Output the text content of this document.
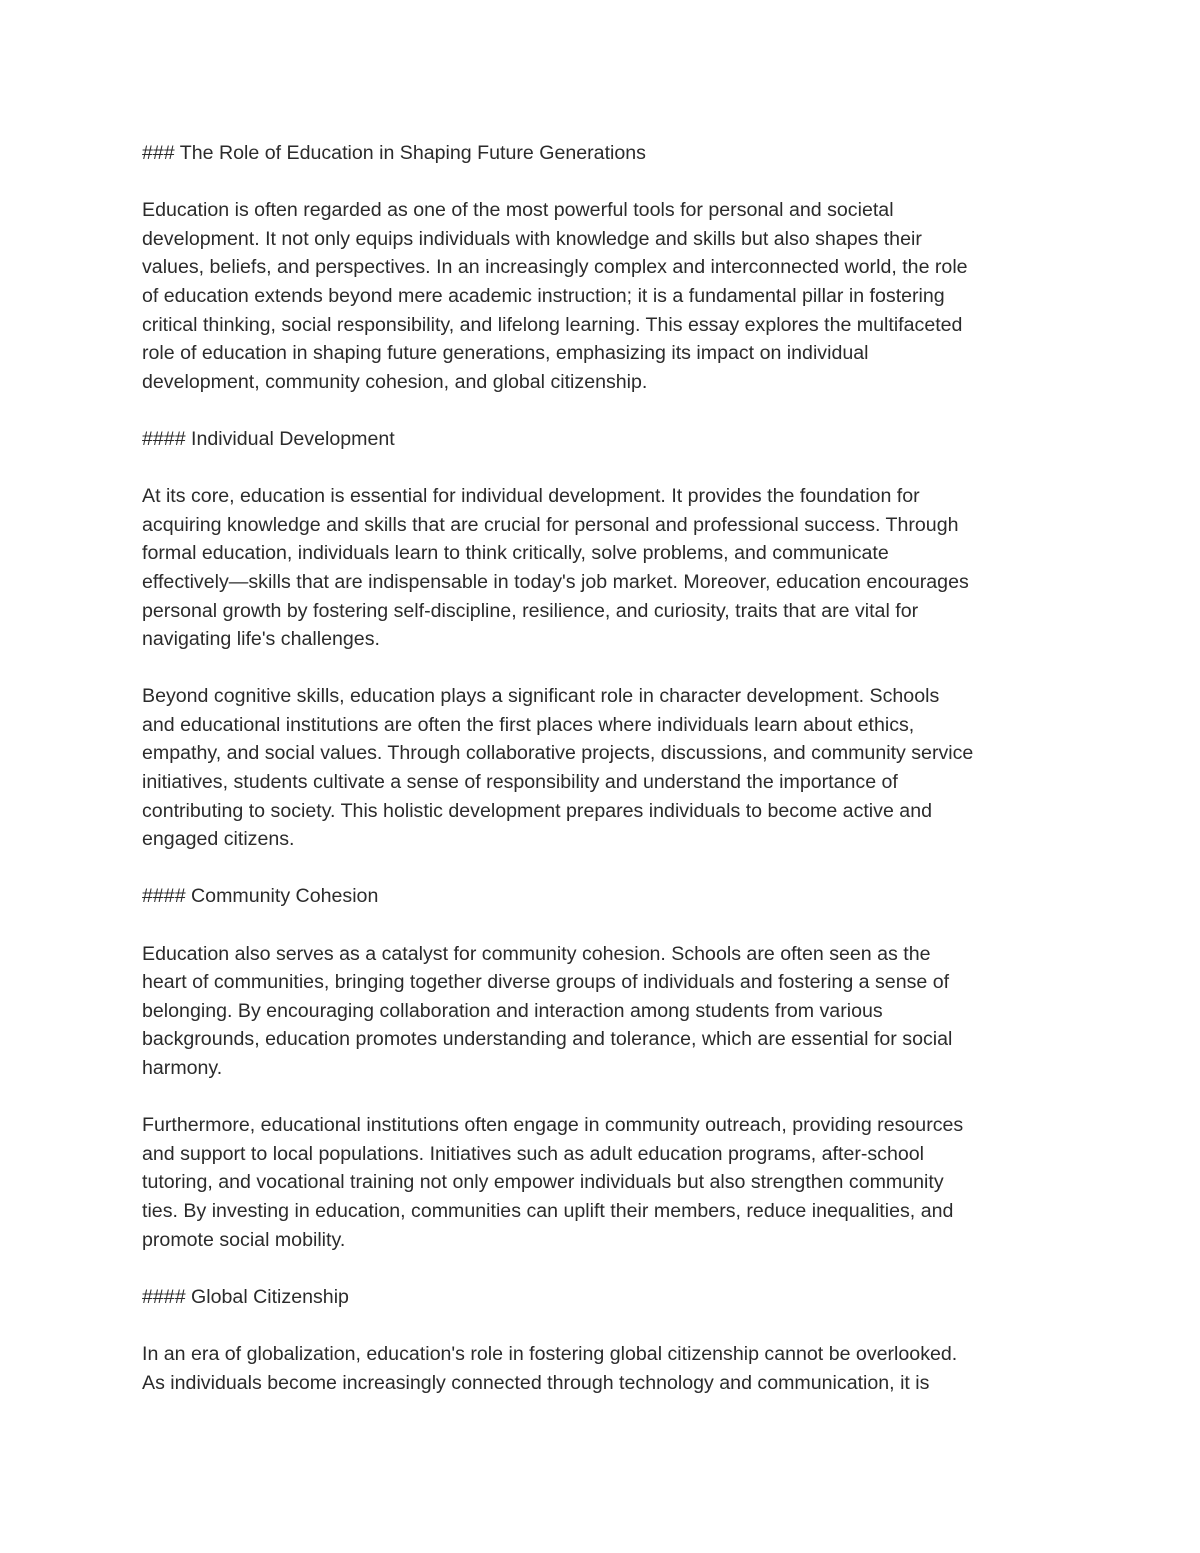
### The Role of Education in Shaping Future Generations
Education is often regarded as one of the most powerful tools for personal and societal
development. It not only equips individuals with knowledge and skills but also shapes their
values, beliefs, and perspectives. In an increasingly complex and interconnected world, the role
of education extends beyond mere academic instruction; it is a fundamental pillar in fostering
critical thinking, social responsibility, and lifelong learning. This essay explores the multifaceted
role of education in shaping future generations, emphasizing its impact on individual
development, community cohesion, and global citizenship.
#### Individual Development
At its core, education is essential for individual development. It provides the foundation for
acquiring knowledge and skills that are crucial for personal and professional success. Through
formal education, individuals learn to think critically, solve problems, and communicate
effectively—skills that are indispensable in today's job market. Moreover, education encourages
personal growth by fostering self-discipline, resilience, and curiosity, traits that are vital for
navigating life's challenges.
Beyond cognitive skills, education plays a significant role in character development. Schools
and educational institutions are often the first places where individuals learn about ethics,
empathy, and social values. Through collaborative projects, discussions, and community service
initiatives, students cultivate a sense of responsibility and understand the importance of
contributing to society. This holistic development prepares individuals to become active and
engaged citizens.
#### Community Cohesion
Education also serves as a catalyst for community cohesion. Schools are often seen as the
heart of communities, bringing together diverse groups of individuals and fostering a sense of
belonging. By encouraging collaboration and interaction among students from various
backgrounds, education promotes understanding and tolerance, which are essential for social
harmony.
Furthermore, educational institutions often engage in community outreach, providing resources
and support to local populations. Initiatives such as adult education programs, after-school
tutoring, and vocational training not only empower individuals but also strengthen community
ties. By investing in education, communities can uplift their members, reduce inequalities, and
promote social mobility.
#### Global Citizenship
In an era of globalization, education's role in fostering global citizenship cannot be overlooked.
As individuals become increasingly connected through technology and communication, it is
